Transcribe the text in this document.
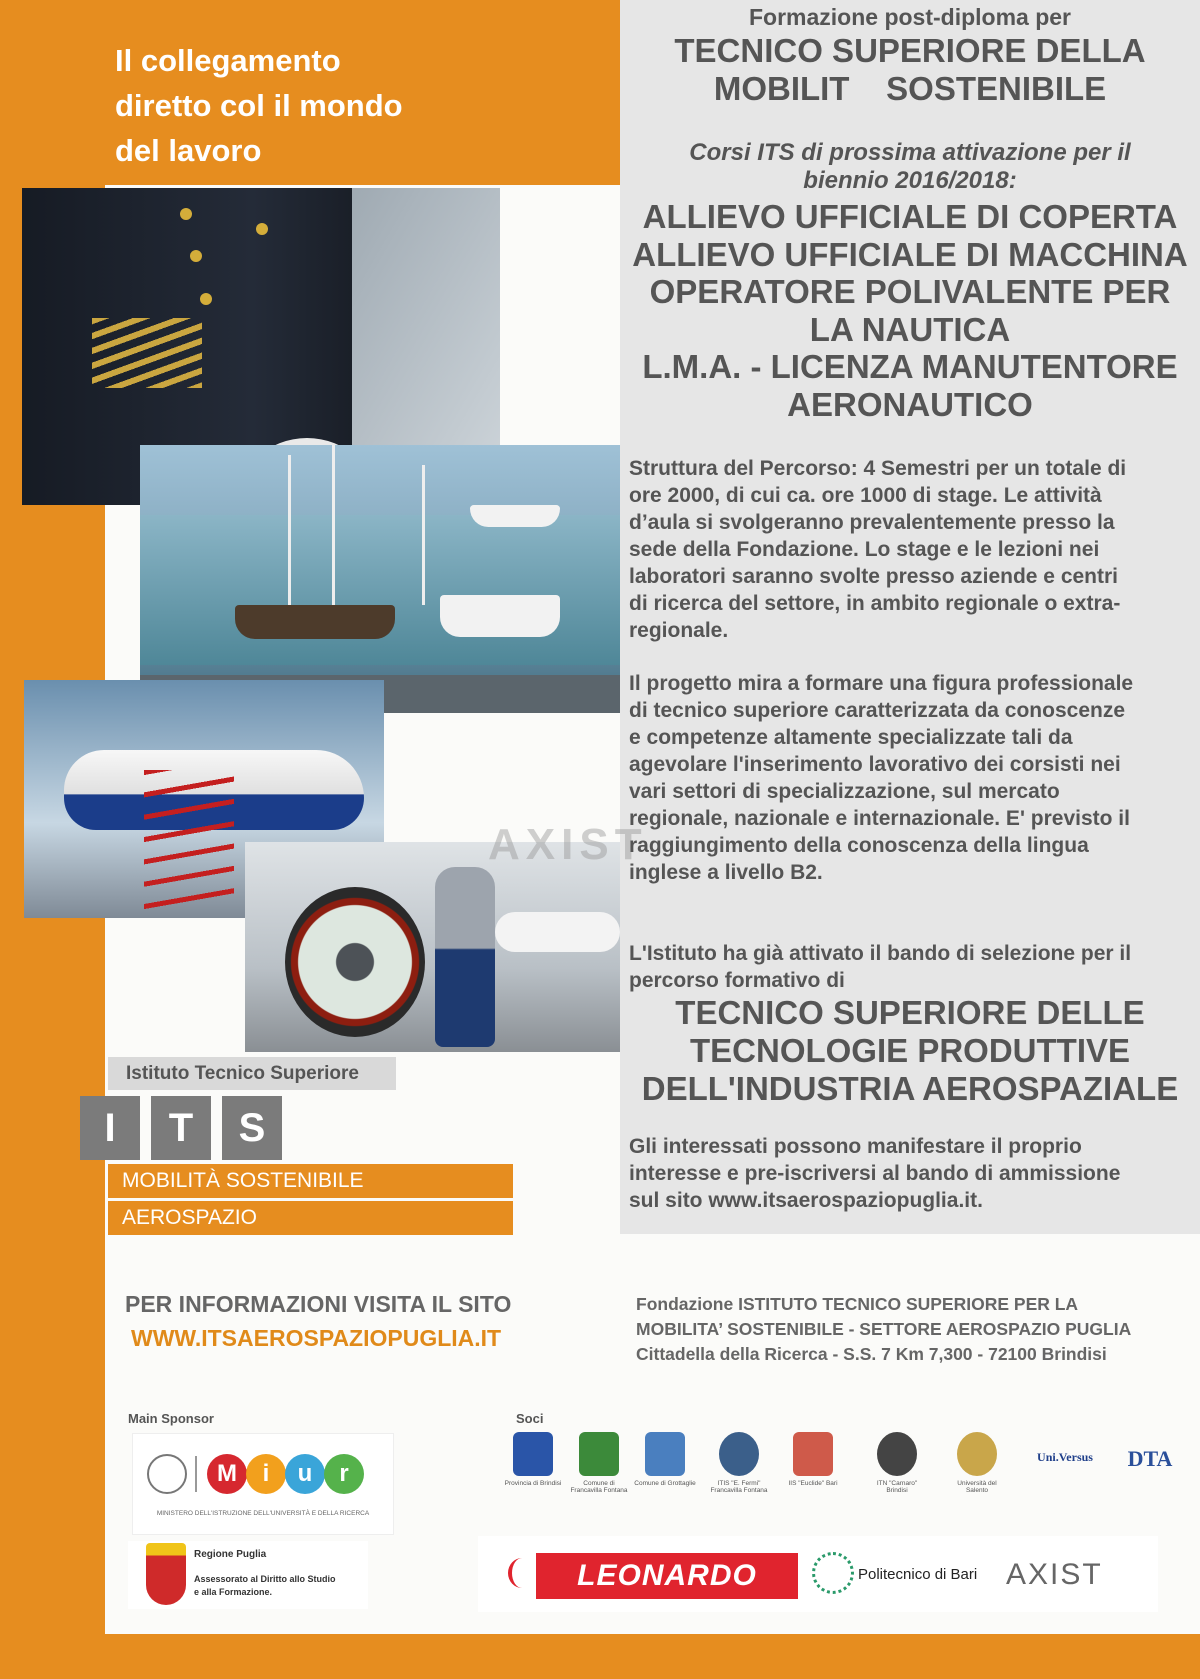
Il collegamento
diretto col il mondo
del lavoro
AXIST
Formazione post-diploma per
TECNICO SUPERIORE DELLA
MOBILIT    SOSTENIBILE
Corsi ITS di prossima attivazione per il
biennio 2016/2018:
ALLIEVO UFFICIALE DI COPERTA
ALLIEVO UFFICIALE DI MACCHINA
OPERATORE POLIVALENTE PER
LA NAUTICA
L.M.A. - LICENZA MANUTENTORE
AERONAUTICO
Struttura del Percorso: 4 Semestri per un totale di
ore 2000, di cui ca. ore 1000 di stage. Le attività
d’aula si svolgeranno prevalentemente presso la
sede della Fondazione. Lo stage e le lezioni nei
laboratori saranno svolte presso aziende e centri
di ricerca del settore, in ambito regionale o extra-
regionale.
Il progetto mira a formare una figura professionale
di tecnico superiore caratterizzata da conoscenze
e competenze altamente specializzate tali da
agevolare l'inserimento lavorativo dei corsisti nei
vari settori di specializzazione, sul mercato
regionale, nazionale e internazionale. E' previsto il
raggiungimento della conoscenza della lingua
inglese a livello B2.
L'Istituto ha già attivato il bando di selezione per il
percorso formativo di
TECNICO SUPERIORE DELLE
TECNOLOGIE PRODUTTIVE
DELL'INDUSTRIA AEROSPAZIALE
Gli interessati possono manifestare il proprio
interesse e pre-iscriversi al bando di ammissione
sul sito www.itsaerospaziopuglia.it.
Istituto Tecnico Superiore
I	T	S
MOBILITÀ SOSTENIBILE
AEROSPAZIO
PER INFORMAZIONI VISITA IL SITO
WWW.ITSAEROSPAZIOPUGLIA.IT
Fondazione ISTITUTO TECNICO SUPERIORE PER LA
MOBILITA’ SOSTENIBILE - SETTORE AEROSPAZIO PUGLIA
Cittadella della Ricerca - S.S. 7 Km 7,300 - 72100 Brindisi
Main Sponsor	Soci
M	i	u	r
MINISTERO DELL'ISTRUZIONE DELL'UNIVERSITÀ E DELLA RICERCA
Regione Puglia
Assessorato al Diritto allo Studio
e alla Formazione.
Provincia di Brindisi	Comune di Francavilla Fontana
Comune di Grottaglie	ITIS "E. Fermi" Francavilla Fontana
IIS "Euclide" Bari	ITN "Carnaro" Brindisi
Università del Salento
Uni.Versus	DTA
LEONARDO	Politecnico di Bari AXIST
